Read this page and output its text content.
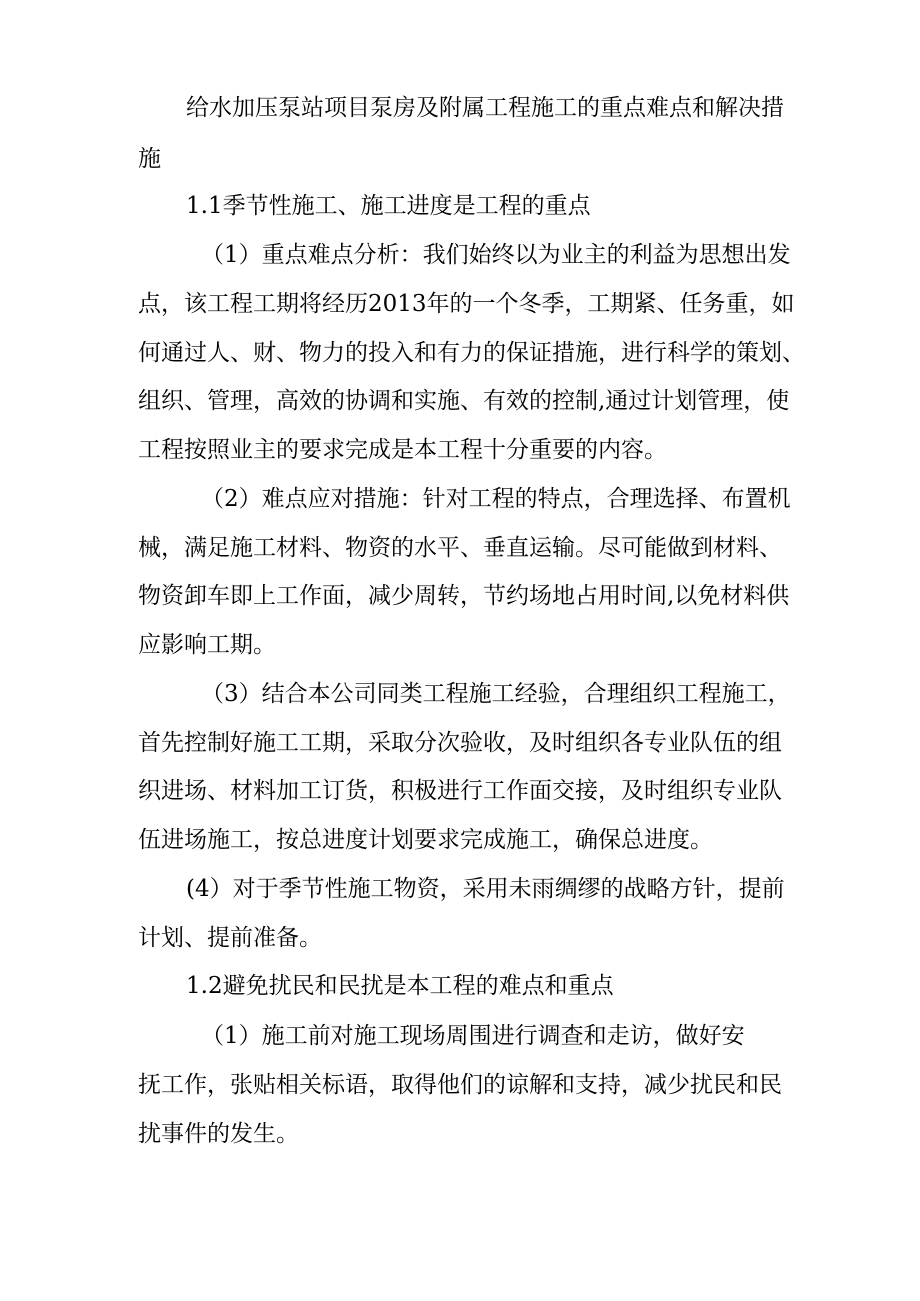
给水加压泵站项目泵房及附属工程施工的重点难点和解决措

施

1.1季节性施工、施工进度是工程的重点

（1）重点难点分析：我们始终以为业主的利益为思想出发

点，该工程工期将经历2013年的一个冬季，工期紧、任务重，如

何通过人、财、物力的投入和有力的保证措施，进行科学的策划、

组织、管理，高效的协调和实施、有效的控制,通过计划管理，使

工程按照业主的要求完成是本工程十分重要的内容。

（2）难点应对措施：针对工程的特点，合理选择、布置机

械，满足施工材料、物资的水平、垂直运输。尽可能做到材料、

物资卸车即上工作面，减少周转，节约场地占用时间,以免材料供

应影响工期。

（3）结合本公司同类工程施工经验，合理组织工程施工，

首先控制好施工工期，采取分次验收，及时组织各专业队伍的组

织进场、材料加工订货，积极进行工作面交接，及时组织专业队

伍进场施工，按总进度计划要求完成施工，确保总进度。

(4）对于季节性施工物资，采用未雨绸缪的战略方针，提前

计划、提前准备。

1.2避免扰民和民扰是本工程的难点和重点

（1）施工前对施工现场周围进行调查和走访，做好安

抚工作，张贴相关标语，取得他们的谅解和支持，减少扰民和民

扰事件的发生。
